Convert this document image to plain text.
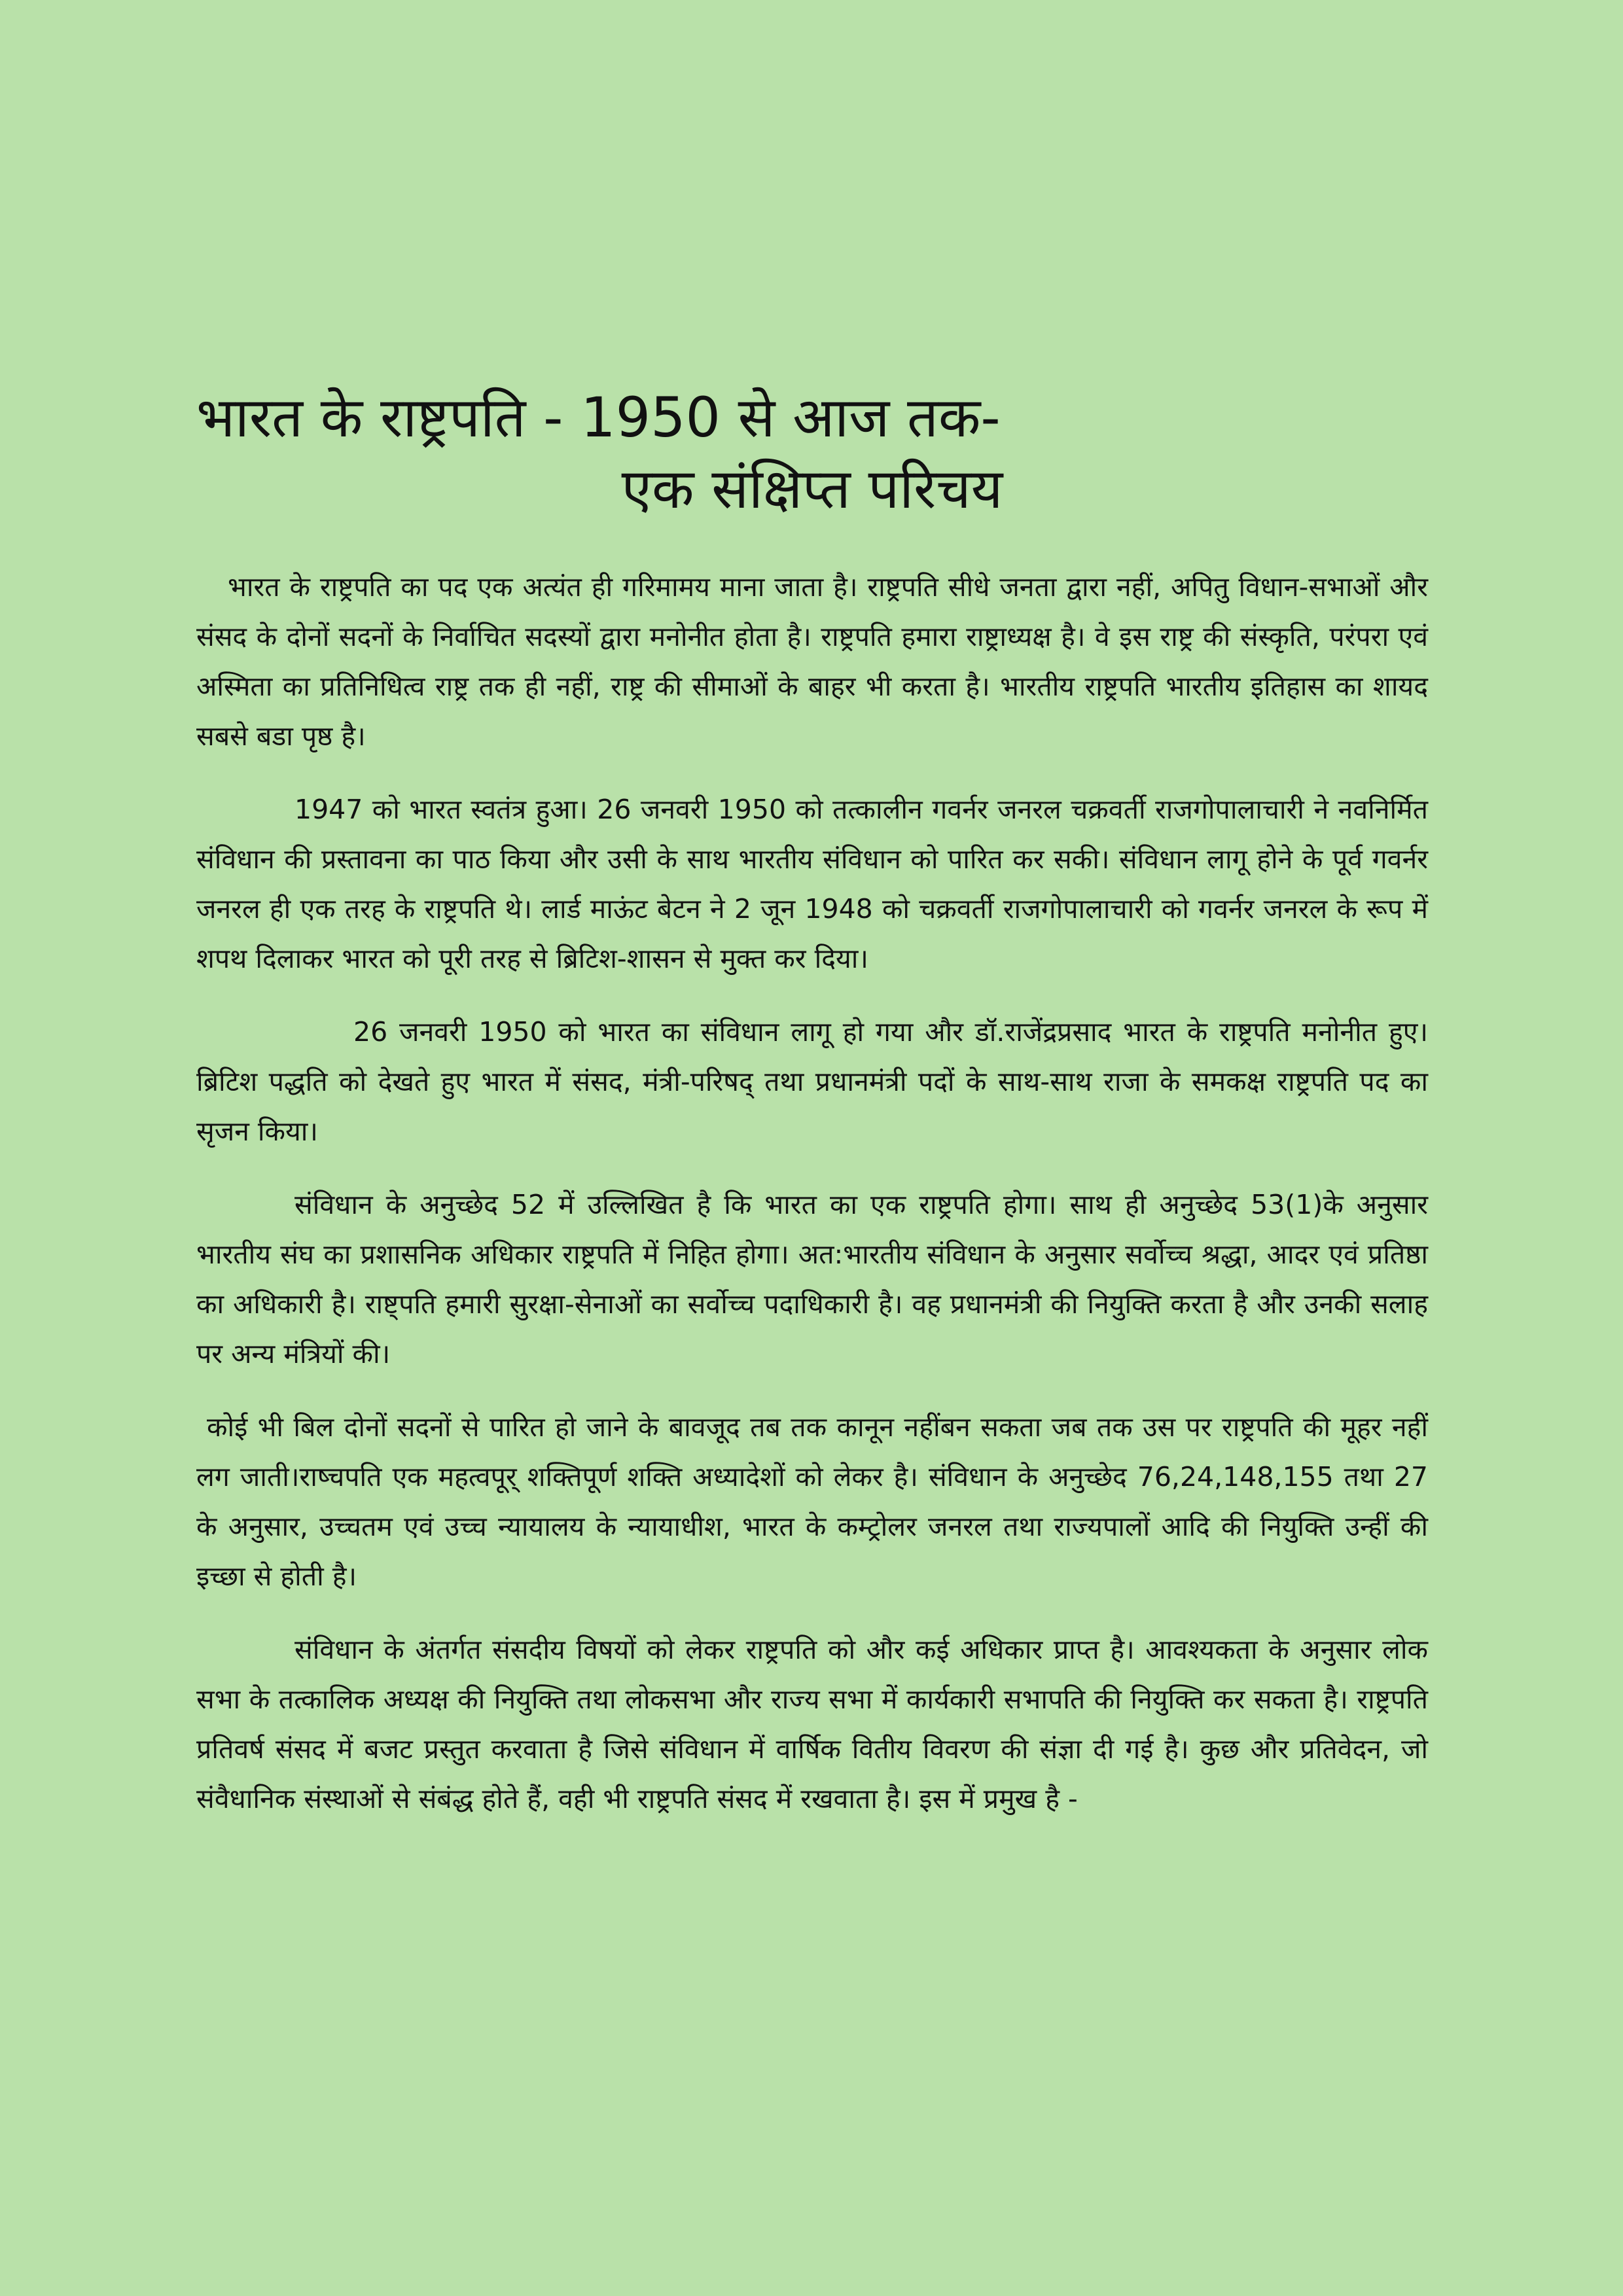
भारत के राष्ट्रपति - 1950 से आज तक-
एक संक्षिप्त परिचय

भारत के राष्ट्रपति का पद एक अत्यंत ही गरिमामय माना जाता है। राष्ट्रपति सीधे जनता द्वारा नहीं, अपितु विधान-सभाओं और संसद के दोनों सदनों के निर्वाचित सदस्यों द्वारा मनोनीत होता है। राष्ट्रपति हमारा राष्ट्राध्यक्ष है। वे इस राष्ट्र की संस्कृति, परंपरा एवं अस्मिता का प्रतिनिधित्व राष्ट्र तक ही नहीं, राष्ट्र की सीमाओं के बाहर भी करता है। भारतीय राष्ट्रपति भारतीय इतिहास का शायद सबसे बडा पृष्ठ है।

1947 को भारत स्वतंत्र हुआ। 26 जनवरी 1950 को तत्कालीन गवर्नर जनरल चक्रवर्ती राजगोपालाचारी ने नवनिर्मित संविधान की प्रस्तावना का पाठ किया और उसी के साथ भारतीय संविधान को पारित कर सकी। संविधान लागू होने के पूर्व गवर्नर जनरल ही एक तरह के राष्ट्रपति थे। लार्ड माऊंट बेटन ने 2 जून 1948 को चक्रवर्ती राजगोपालाचारी को गवर्नर जनरल के रूप में शपथ दिलाकर भारत को पूरी तरह से ब्रिटिश-शासन से मुक्त कर दिया।

26 जनवरी 1950 को भारत का संविधान लागू हो गया और डॉ.राजेंद्रप्रसाद भारत के राष्ट्रपति मनोनीत हुए। ब्रिटिश पद्धति को देखते हुए भारत में संसद, मंत्री-परिषद् तथा प्रधानमंत्री पदों के साथ-साथ राजा के समकक्ष राष्ट्रपति पद का सृजन किया।

संविधान के अनुच्छेद 52 में उल्लिखित है कि भारत का एक राष्ट्रपति होगा। साथ ही अनुच्छेद 53(1)के अनुसार भारतीय संघ का प्रशासनिक अधिकार राष्ट्रपति में निहित होगा। अत:भारतीय संविधान के अनुसार सर्वोच्च श्रद्धा, आदर एवं प्रतिष्ठा का अधिकारी है। राष्ट्पति हमारी सुरक्षा-सेनाओं का सर्वोच्च पदाधिकारी है। वह प्रधानमंत्री की नियुक्ति करता है और उनकी सलाह पर अन्य मंत्रियों की।

कोई भी बिल दोनों सदनों से पारित हो जाने के बावजूद तब तक कानून नहींबन सकता जब तक उस पर राष्ट्रपति की मूहर नहीं लग जाती।राष्चपति एक महत्वपूर् शक्तिपूर्ण शक्ति अध्यादेशों को लेकर है। संविधान के अनुच्छेद 76,24,148,155 तथा 27 के अनुसार, उच्चतम एवं उच्च न्यायालय के न्यायाधीश, भारत के कम्ट्रोलर जनरल तथा राज्यपालों आदि की नियुक्ति उन्हीं की इच्छा से होती है।

संविधान के अंतर्गत संसदीय विषयों को लेकर राष्ट्रपति को और कई अधिकार प्राप्त है। आवश्यकता के अनुसार लोक सभा के तत्कालिक अध्यक्ष की नियुक्ति तथा लोकसभा और राज्य सभा में कार्यकारी सभापति की नियुक्ति कर सकता है। राष्ट्रपति प्रतिवर्ष संसद में बजट प्रस्तुत करवाता है जिसे संविधान में वार्षिक वितीय विवरण की संज्ञा दी गई है। कुछ और प्रतिवेदन, जो संवैधानिक संस्थाओं से संबंद्ध होते हैं, वही भी राष्ट्रपति संसद में रखवाता है। इस में प्रमुख है -
